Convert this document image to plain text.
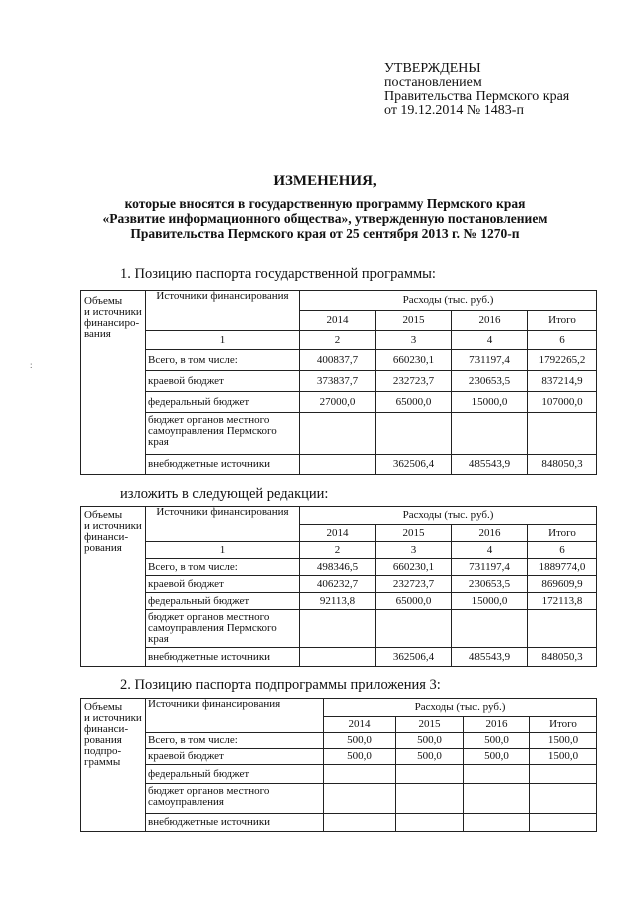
УТВЕРЖДЕНЫ
постановлением
Правительства Пермского края
от 19.12.2014 № 1483-п
:
ИЗМЕНЕНИЯ,
которые вносятся в государственную программу Пермского края
«Развитие информационного общества», утвержденную постановлением
Правительства Пермского края от 25 сентября 2013 г. № 1270-п
1. Позицию паспорта государственной программы:
Объемы
и источники
финансиро-
вания
	Источники финансирования	Расходы (тыс. руб.)			
		2014	2015	2016	Итого
	1	2	3	4	6
	Всего, в том числе:	400837,7	660230,1	731197,4	1792265,2
	краевой бюджет	373837,7	232723,7	230653,5	837214,9
	федеральный бюджет	27000,0	65000,0	15000,0	107000,0
	бюджет органов местного самоуправления Пермского края				
	внебюджетные источники		362506,4	485543,9	848050,3
изложить в следующей редакции:
Объемы
и источники
финанси-
рования
	Источники финансирования	Расходы (тыс. руб.)			
		2014	2015	2016	Итого
	1	2	3	4	6
	Всего, в том числе:	498346,5	660230,1	731197,4	1889774,0
	краевой бюджет	406232,7	232723,7	230653,5	869609,9
	федеральный бюджет	92113,8	65000,0	15000,0	172113,8
	бюджет органов местного самоуправления Пермского края				
	внебюджетные источники		362506,4	485543,9	848050,3
2. Позицию паспорта подпрограммы приложения 3:
Объемы
и источники
финанси-
рования
подпро-
граммы
	Источники финансирования	Расходы (тыс. руб.)			
		2014	2015	2016	Итого
	Всего, в том числе:	500,0	500,0	500,0	1500,0
	краевой бюджет	500,0	500,0	500,0	1500,0
	федеральный бюджет				
	бюджет органов местного самоуправления				
	внебюджетные источники				
